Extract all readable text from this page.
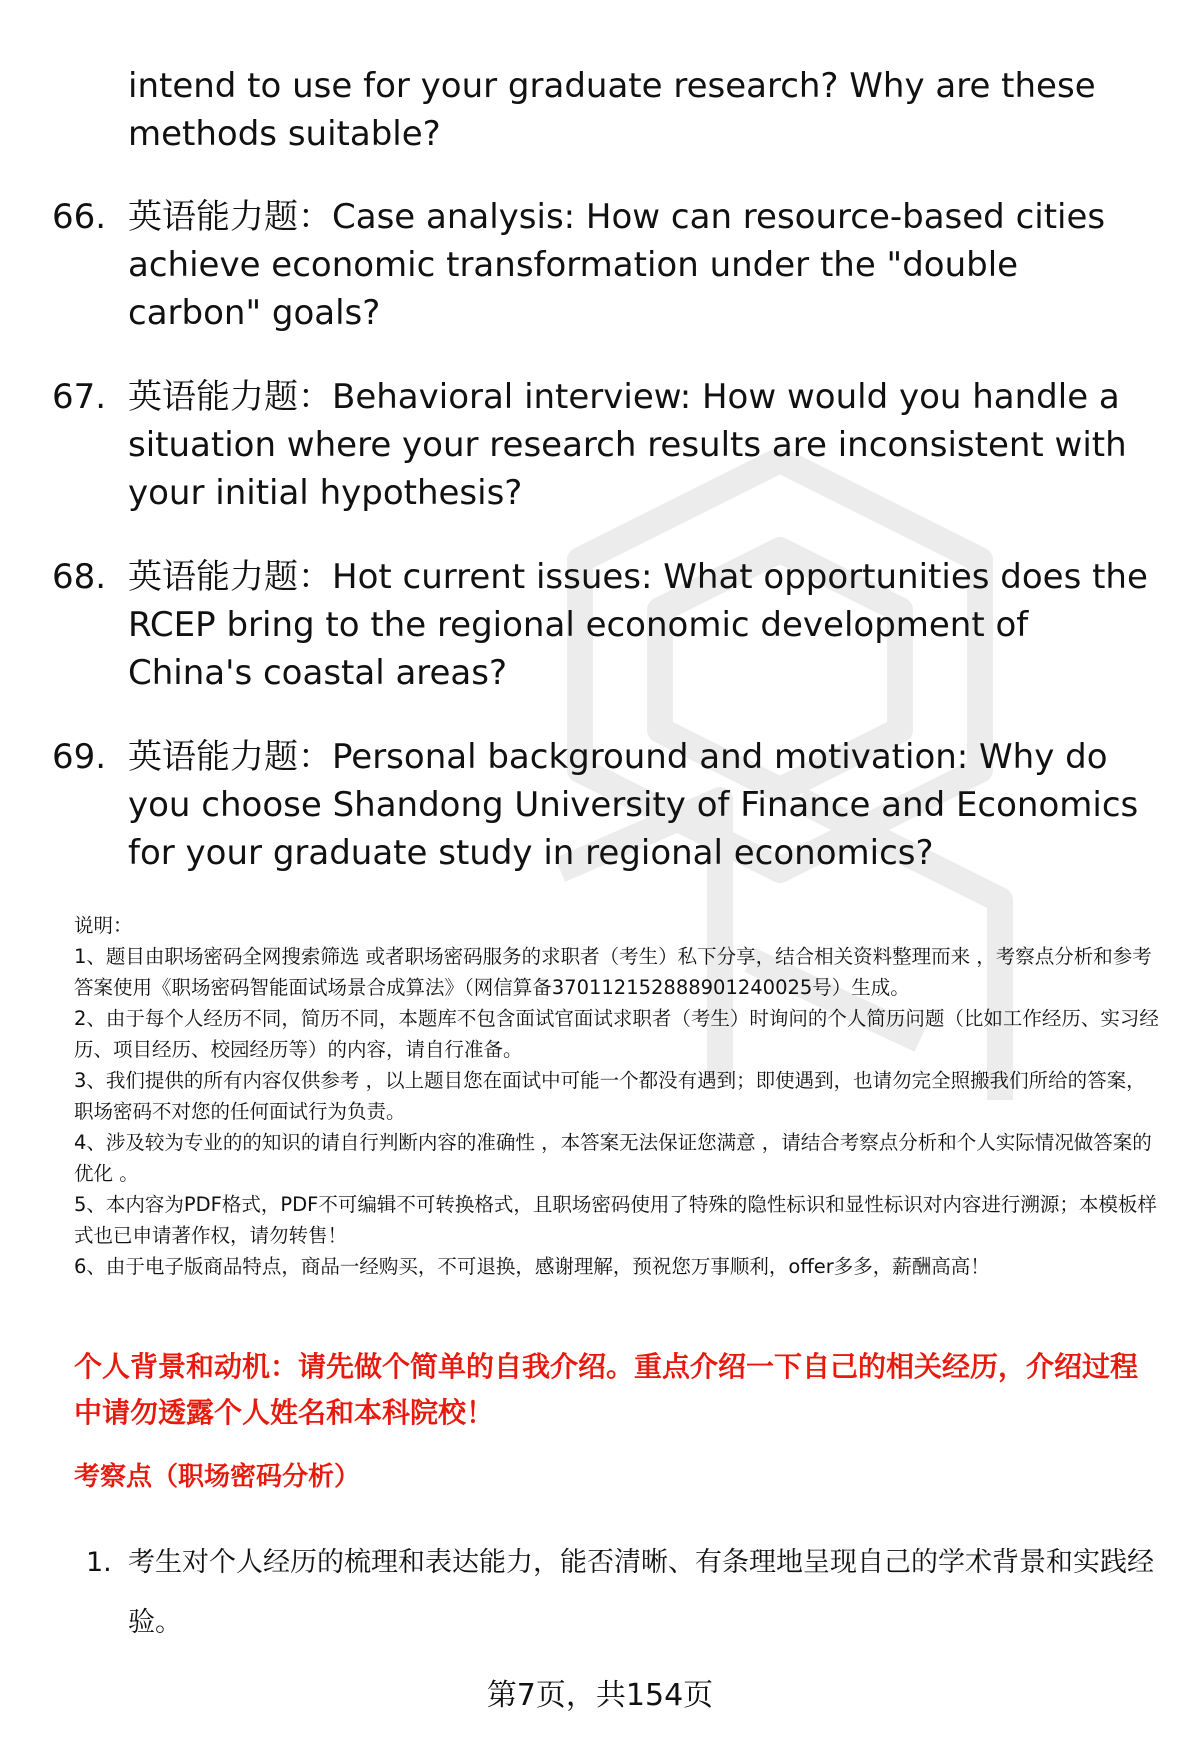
intend to use for your graduate research? Why are these methods suitable?
66. 英语能力题：Case analysis: How can resource-based cities achieve economic transformation under the "double carbon" goals?
67. 英语能力题：Behavioral interview: How would you handle a situation where your research results are inconsistent with your initial hypothesis?
68. 英语能力题：Hot current issues: What opportunities does the RCEP bring to the regional economic development of China's coastal areas?
69. 英语能力题：Personal background and motivation: Why do you choose Shandong University of Finance and Economics for your graduate study in regional economics?

说明：

1、题目由职场密码全网搜索筛选 或者职场密码服务的求职者（考生）私下分享，结合相关资料整理而来 ，考察点分析和参考答案使用《职场密码智能面试场景合成算法》（网信算备370112152888901240025号）生成。

2、由于每个人经历不同，简历不同，本题库不包含面试官面试求职者（考生）时询问的个人简历问题（比如工作经历、实习经历、项目经历、校园经历等）的内容，请自行准备。

3、我们提供的所有内容仅供参考 ，以上题目您在面试中可能一个都没有遇到；即使遇到，也请勿完全照搬我们所给的答案，职场密码不对您的任何面试行为负责。

4、涉及较为专业的的知识的请自行判断内容的准确性 ，本答案无法保证您满意 ，请结合考察点分析和个人实际情况做答案的优化 。

5、本内容为PDF格式，PDF不可编辑不可转换格式，且职场密码使用了特殊的隐性标识和显性标识对内容进行溯源；本模板样式也已申请著作权，请勿转售！

6、由于电子版商品特点，商品一经购买，不可退换，感谢理解，预祝您万事顺利，offer多多，薪酬高高！

个人背景和动机：请先做个简单的自我介绍。重点介绍一下自己的相关经历，介绍过程中请勿透露个人姓名和本科院校！
考察点（职场密码分析）
1. 考生对个人经历的梳理和表达能力，能否清晰、有条理地呈现自己的学术背景和实践经验。
第7页，共154页
